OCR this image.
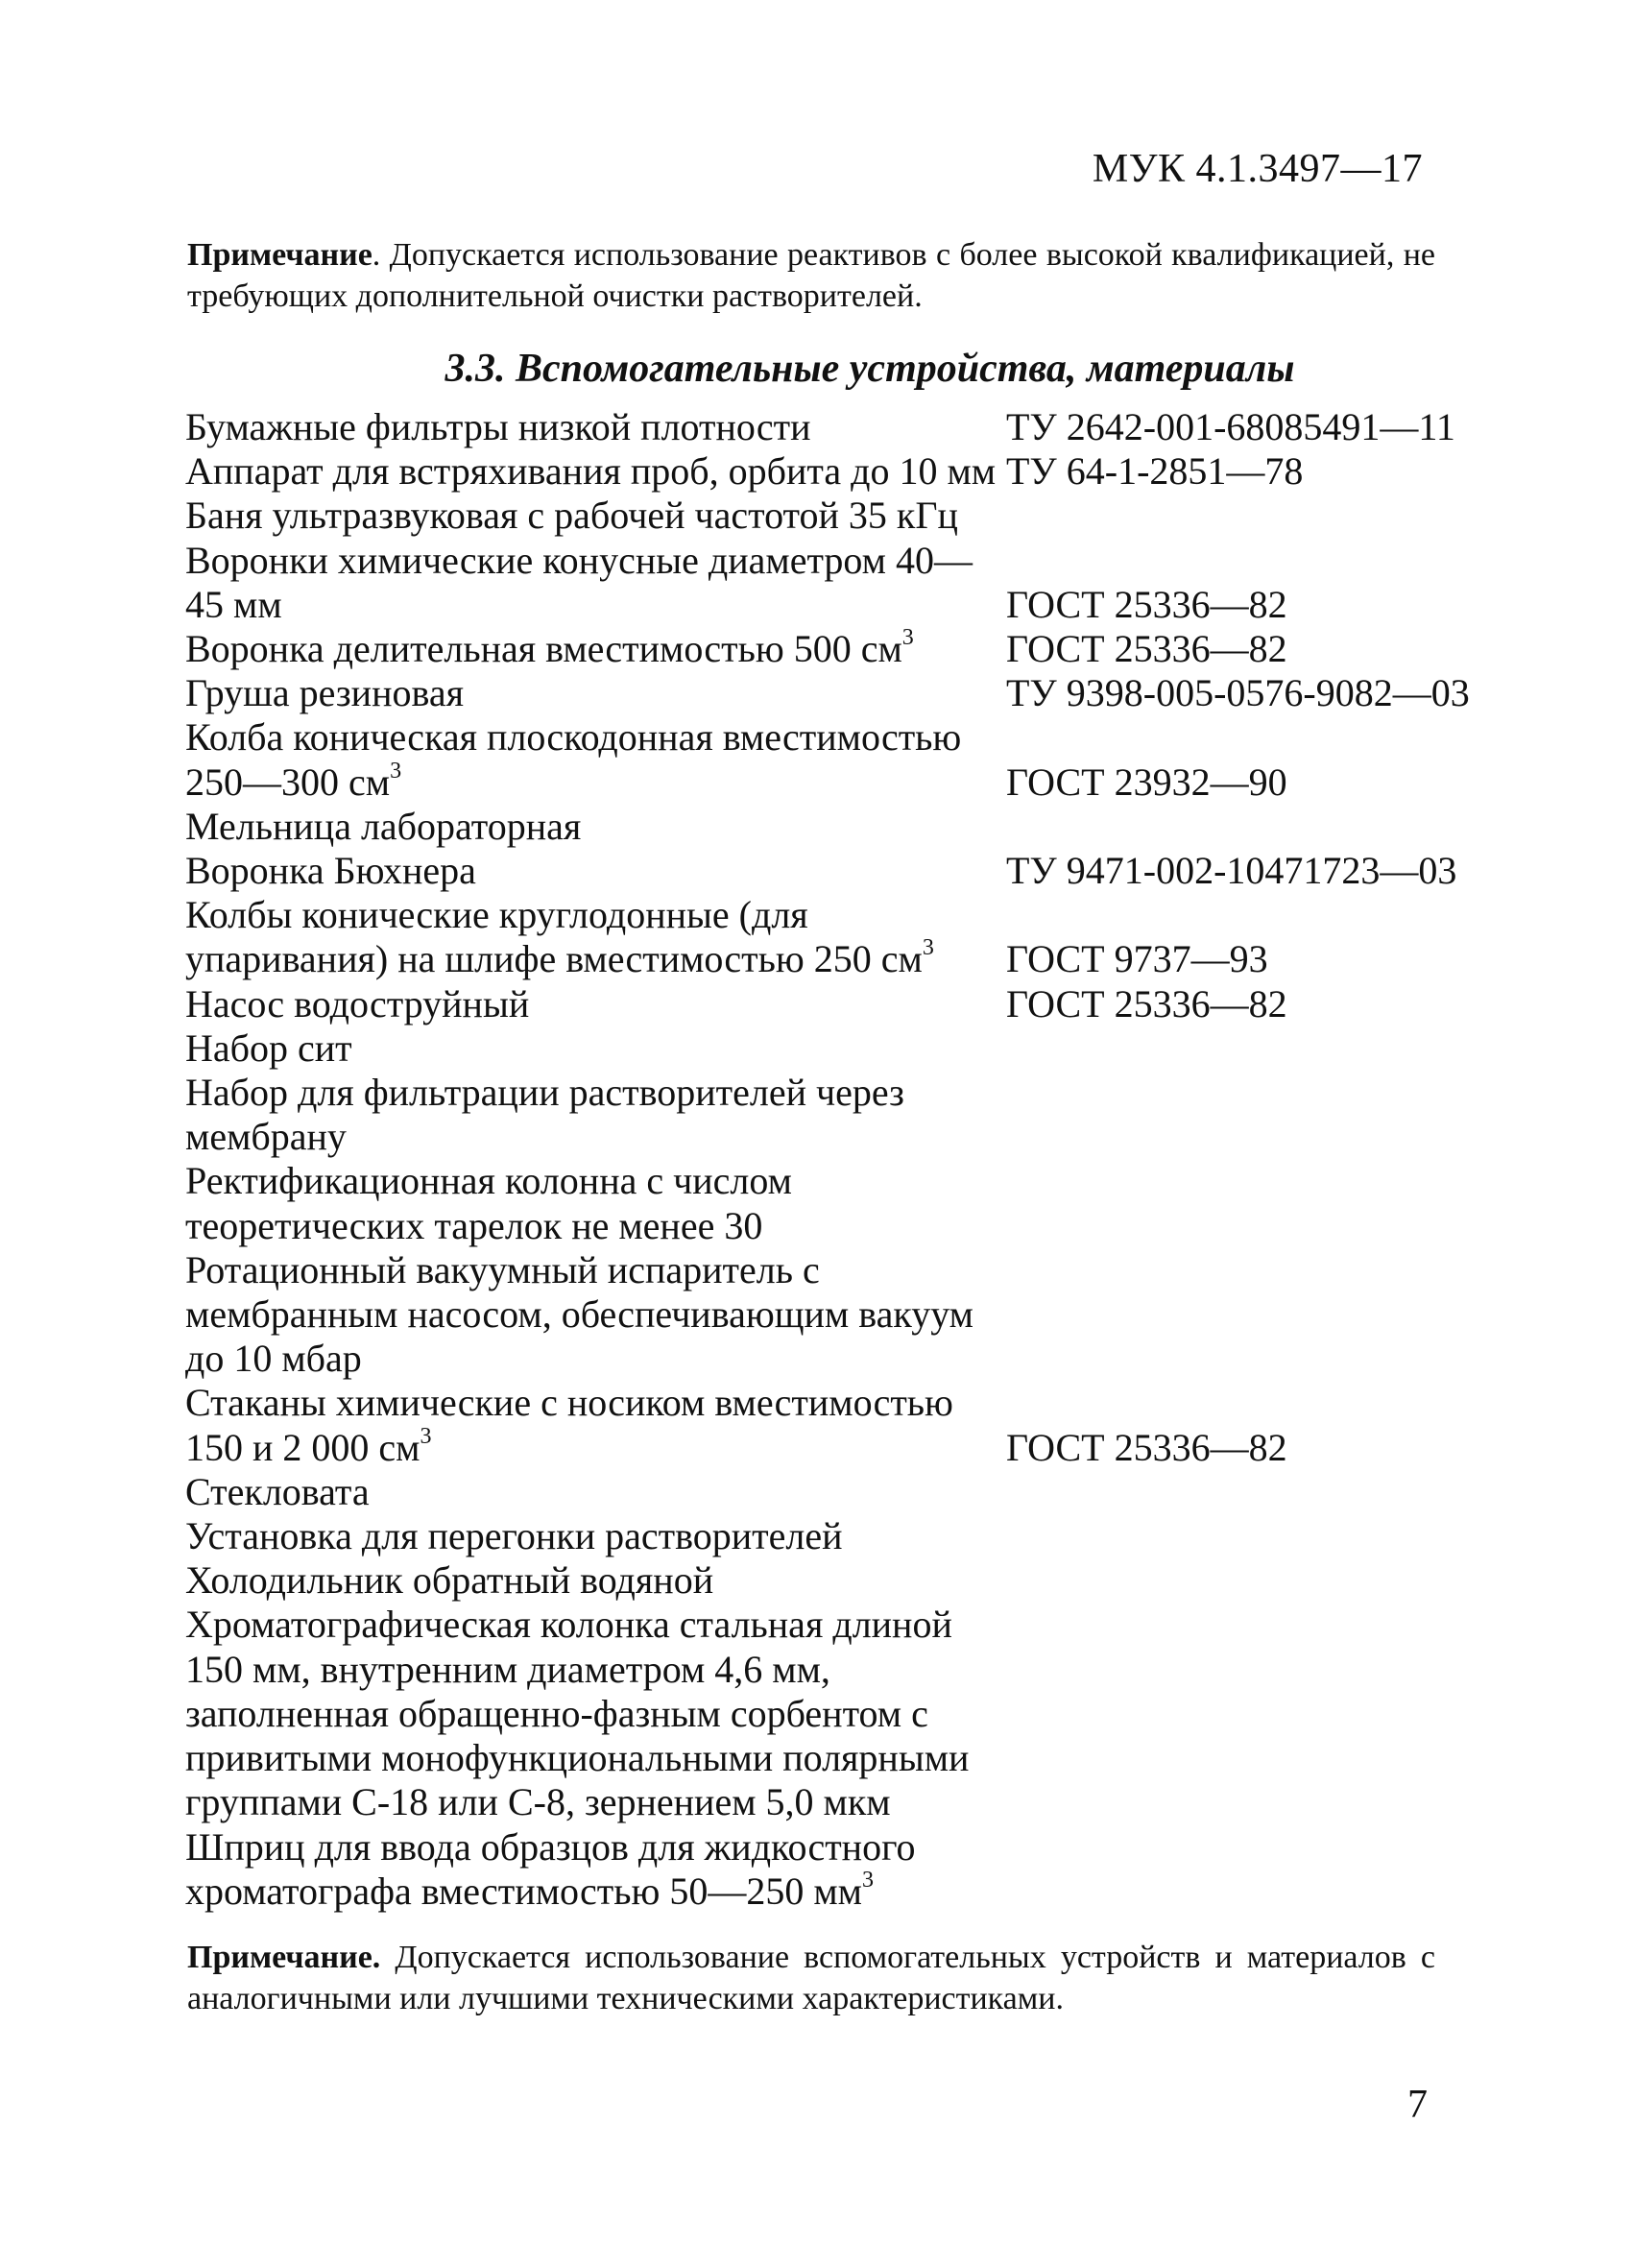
МУК 4.1.3497—17
Примечание. Допускается использование реактивов с более высокой квалификацией, не требующих дополнительной очистки растворителей.
3.3. Вспомогательные устройства, материалы
Бумажные фильтры низкой плотности	ТУ 2642-001-68085491—11
Аппарат для встряхивания проб, орбита до 10 мм ТУ 64-1-2851—78
Баня ультразвуковая с рабочей частотой 35 кГц
Воронки химические конусные диаметром 40—45 мм	ГОСТ 25336—82
Воронка делительная вместимостью 500 $см^3$	ГОСТ 25336—82
Груша резиновая	ТУ 9398-005-0576-9082—03
Колба коническая плоскодонная вместимостью 250—300 $см^3$	ГОСТ 23932—90
Мельница лабораторная
Воронка Бюхнера	ТУ 9471-002-10471723—03
Колбы конические круглодонные (для упаривания) на шлифе вместимостью 250 $см^3$	ГОСТ 9737—93
Насос водоструйный	ГОСТ 25336—82
Набор сит
Набор для фильтрации растворителей через мембрану
Ректификационная колонна с числом теоретических тарелок не менее 30
Ротационный вакуумный испаритель с мембранным насосом, обеспечивающим вакуум до 10 мбар
Стаканы химические с носиком вместимостью 150 и 2 000 $см^3$	ГОСТ 25336—82
Стекловата
Установка для перегонки растворителей
Холодильник обратный водяной
Хроматографическая колонка стальная длиной 150 мм, внутренним диаметром 4,6 мм, заполненная обращенно-фазным сорбентом с привитыми монофункциональными полярными группами С-18 или С-8, зернением 5,0 мкм
Шприц для ввода образцов для жидкостного хроматографа вместимостью 50—250 $мм^3$
Примечание. Допускается использование вспомогательных устройств и материалов с аналогичными или лучшими техническими характеристиками.
7
